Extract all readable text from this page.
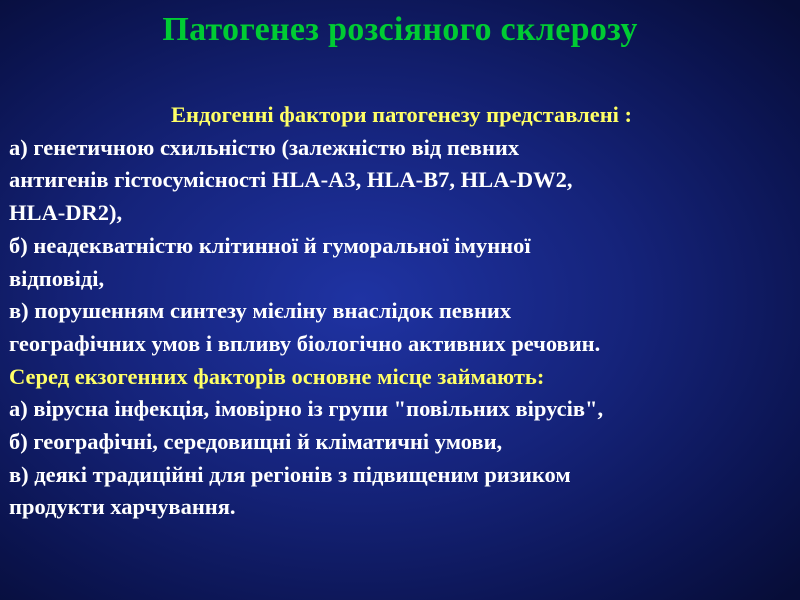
Патогенез розсіяного склерозу
Ендогенні фактори патогенезу представлені :
а) генетичною схильністю (залежністю від певних
антигенів гістосумісності HLA-A3, HLA-B7, HLA-DW2,
HLA-DR2),
б) неадекватністю клітинної й гуморальної імунної
відповіді,
в) порушенням синтезу мієліну внаслідок певних
географічних умов і впливу біологічно активних речовин.
Серед екзогенних факторів основне місце займають:
а) вірусна інфекція, імовірно із групи "повільних вірусів",
б) географічні, середовищні й кліматичні умови,
в) деякі традиційні для регіонів з підвищеним ризиком
продукти харчування.
